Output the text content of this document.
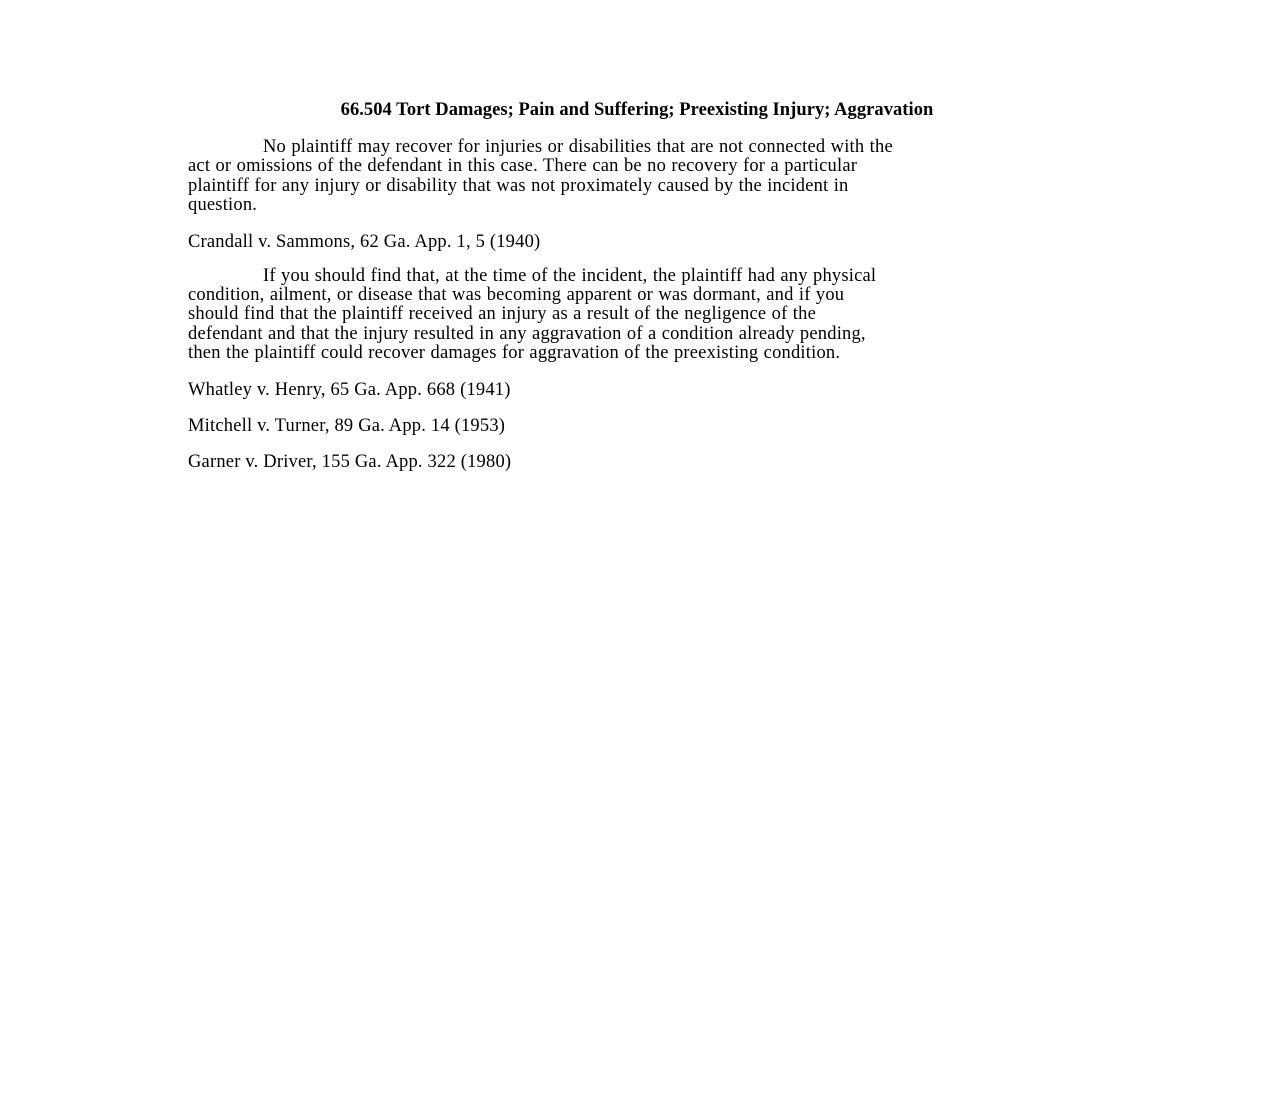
66.504 Tort Damages; Pain and Suffering; Preexisting Injury; Aggravation

No plaintiff may recover for injuries or disabilities that are not connected with the
act or omissions of the defendant in this case. There can be no recovery for a particular
plaintiff for any injury or disability that was not proximately caused by the incident in
question.

Crandall v. Sammons, 62 Ga. App. 1, 5 (1940)

If you should find that, at the time of the incident, the plaintiff had any physical
condition, ailment, or disease that was becoming apparent or was dormant, and if you
should find that the plaintiff received an injury as a result of the negligence of the
defendant and that the injury resulted in any aggravation of a condition already pending,
then the plaintiff could recover damages for aggravation of the preexisting condition.

Whatley v. Henry, 65 Ga. App. 668 (1941)

Mitchell v. Turner, 89 Ga. App. 14 (1953)

Garner v. Driver, 155 Ga. App. 322 (1980)
